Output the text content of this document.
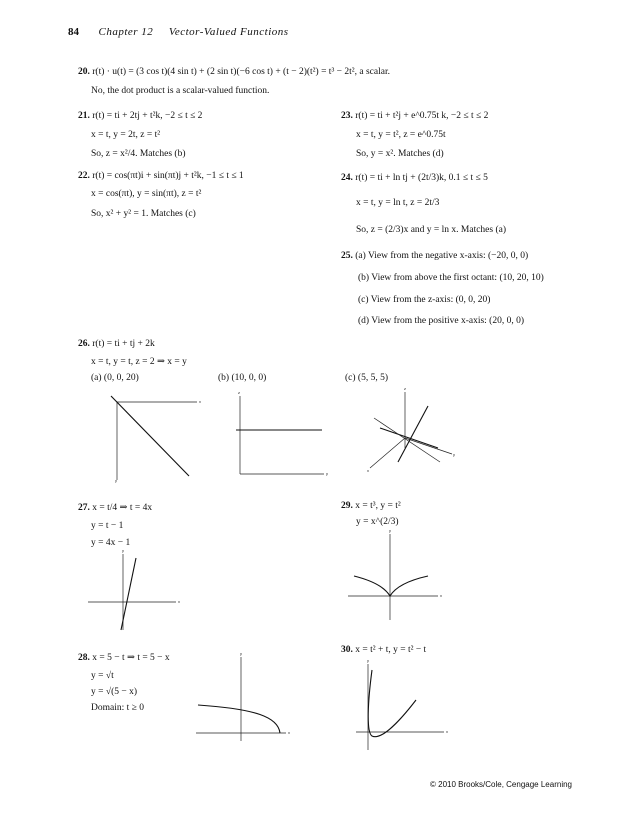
84 Chapter 12 Vector-Valued Functions
20. r(t) · u(t) = (3 cos t)(4 sin t) + (2 sin t)(−6 cos t) + (t − 2)(t²) = t³ − 2t², a scalar.
No, the dot product is a scalar-valued function.
21. r(t) = ti + 2tj + t²k, −2 ≤ t ≤ 2
x = t, y = 2t, z = t²
So, z = x²/4. Matches (b)
22. r(t) = cos(πt)i + sin(πt)j + t²k, −1 ≤ t ≤ 1
x = cos(πt), y = sin(πt), z = t²
So, x² + y² = 1. Matches (c)
23. r(t) = ti + t²j + e^0.75t k, −2 ≤ t ≤ 2
x = t, y = t², z = e^0.75t
So, y = x². Matches (d)
24. r(t) = ti + ln tj + (2t/3)k, 0.1 ≤ t ≤ 5
x = t, y = ln t, z = 2t/3
So, z = (2/3)x and y = ln x. Matches (a)
25. (a) View from the negative x-axis: (−20, 0, 0)
(b) View from above the first octant: (10, 20, 10)
(c) View from the z-axis: (0, 0, 20)
(d) View from the positive x-axis: (20, 0, 0)
26. r(t) = ti + tj + 2k
x = t, y = t, z = 2 ⇒ x = y
(a) (0, 0, 20)	(b) (10, 0, 0)	(c) (5, 5, 5)
x
y
y
z
z
x
y
27. x = t/4 ⇒ t = 4x
y = t − 1
y = 4x − 1
x
y
28. x = 5 − t ⇒ t = 5 − x
y = √t
y = √(5 − x)
Domain: t ≥ 0
x
y
29. x = t³, y = t²
y = x^(2/3)
x
y
30. x = t² + t, y = t² − t
x
y
© 2010 Brooks/Cole, Cengage Learning
